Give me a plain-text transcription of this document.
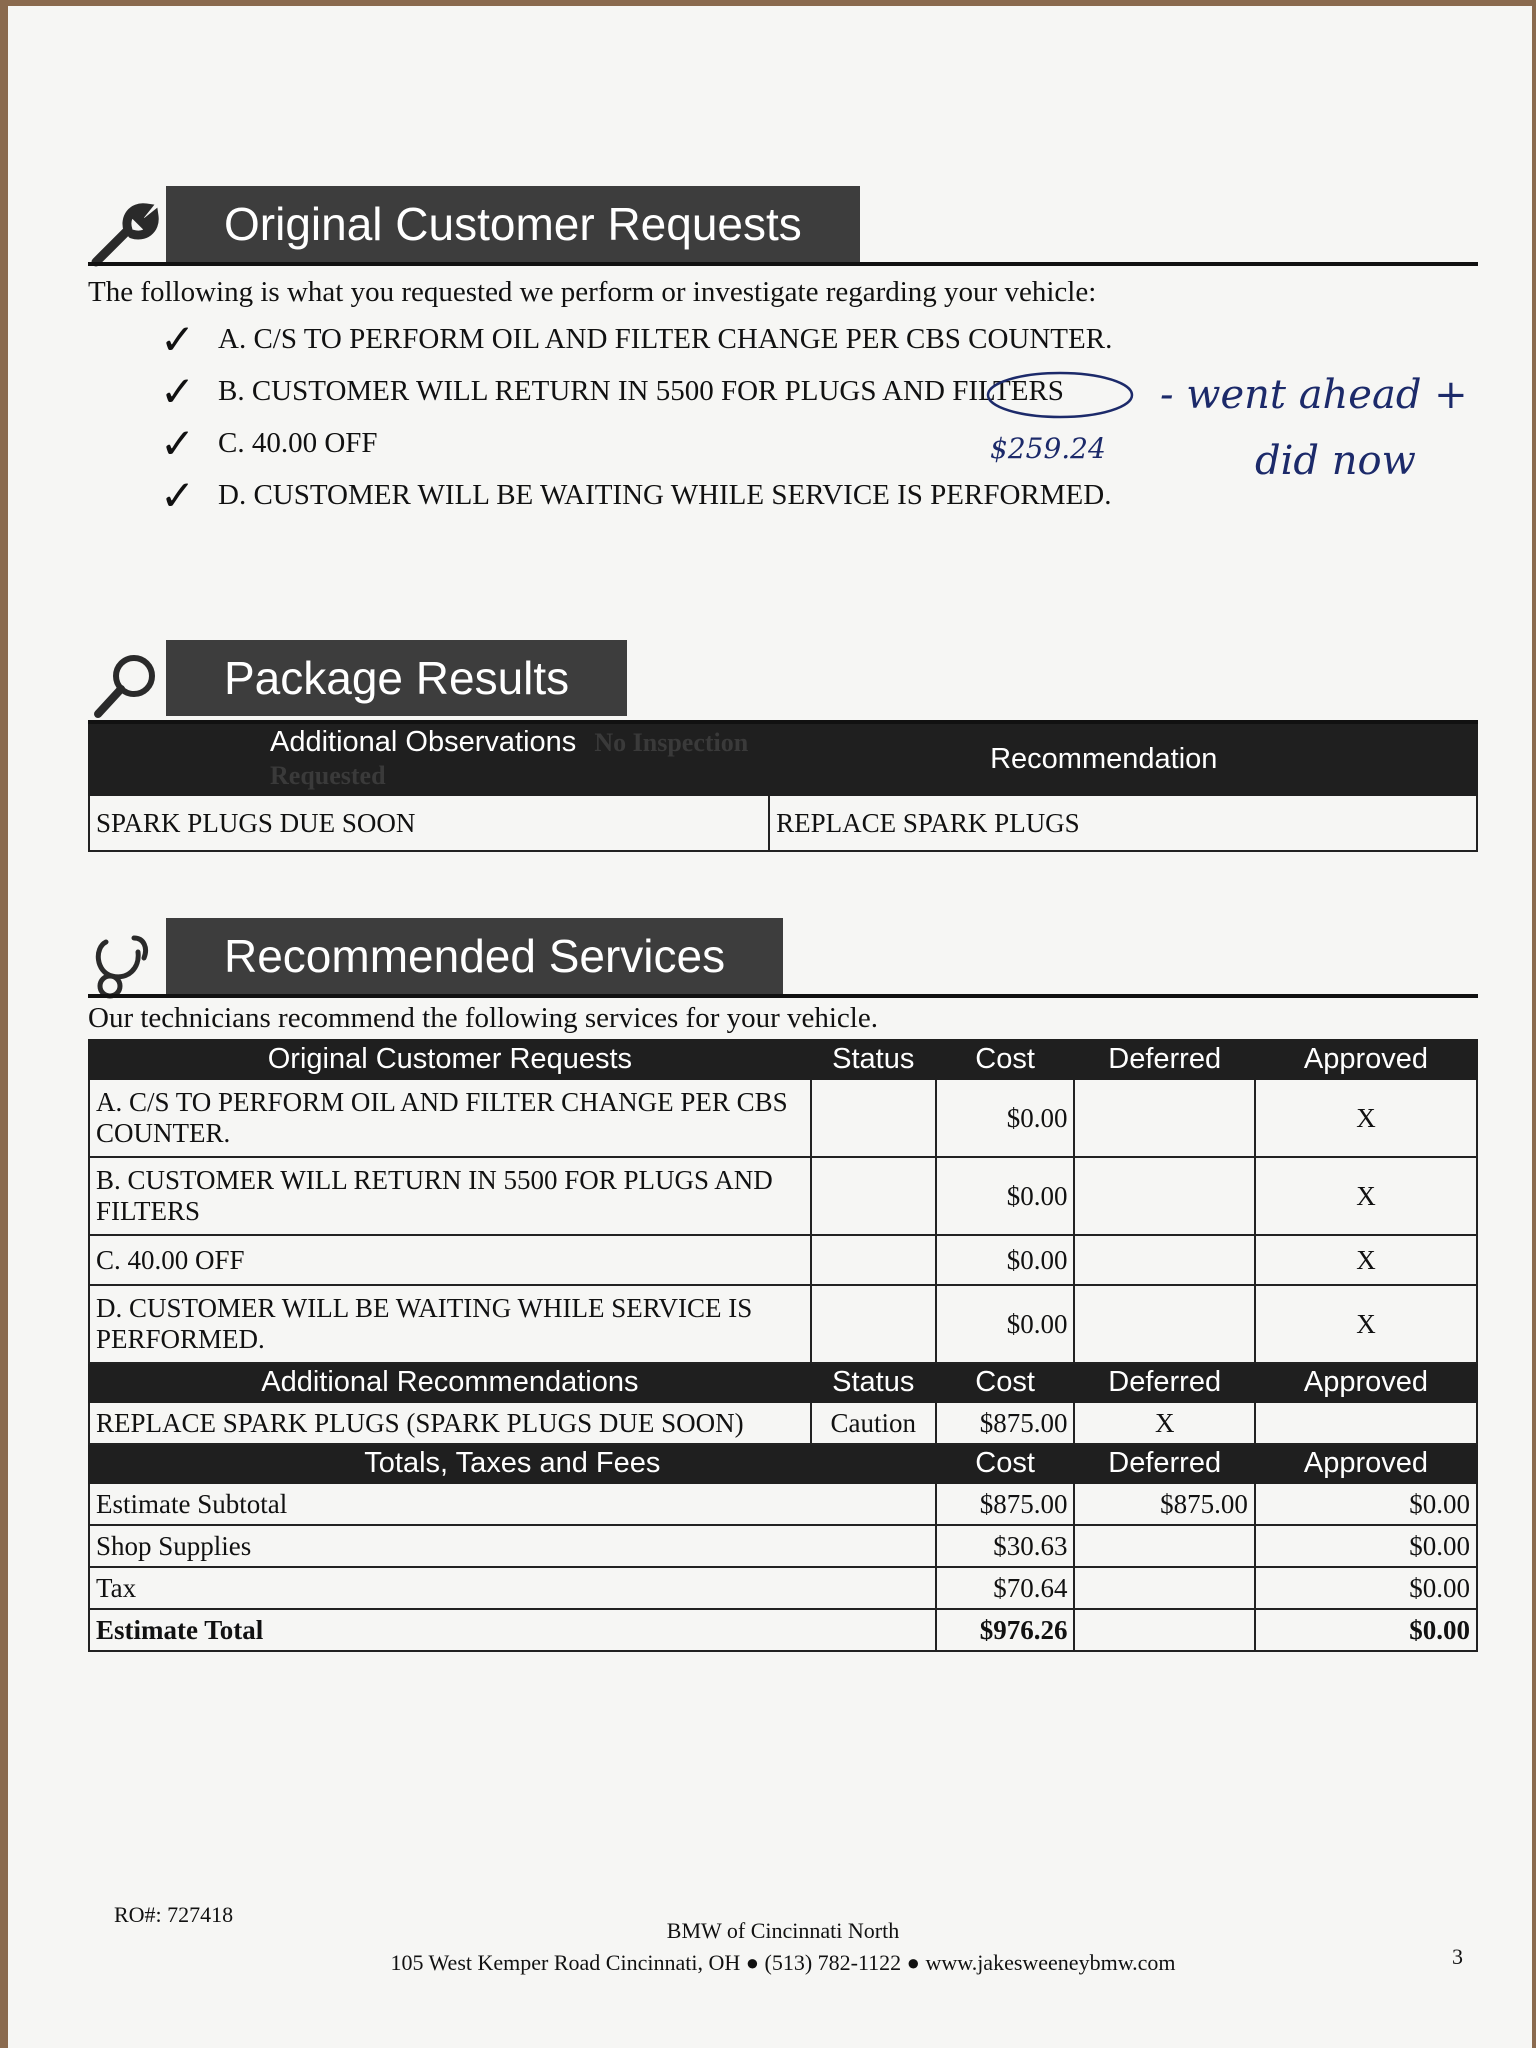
Original Customer Requests
The following is what you requested we perform or investigate regarding your vehicle:
✓ A. C/S TO PERFORM OIL AND FILTER CHANGE PER CBS COUNTER.
✓ B. CUSTOMER WILL RETURN IN 5500 FOR PLUGS AND FILTERS
✓ C. 40.00 OFF
✓ D. CUSTOMER WILL BE WAITING WHILE SERVICE IS PERFORMED.
- went ahead +
did now
$259.24
Package Results
Additional Observations No Inspection Requested	Recommendation
SPARK PLUGS DUE SOON	REPLACE SPARK PLUGS
Recommended Services
Our technicians recommend the following services for your vehicle.
Original Customer Requests	Status	Cost	Deferred	Approved
A. C/S TO PERFORM OIL AND FILTER CHANGE PER CBS COUNTER.		$0.00		X
B. CUSTOMER WILL RETURN IN 5500 FOR PLUGS AND FILTERS		$0.00		X
C. 40.00 OFF		$0.00		X
D. CUSTOMER WILL BE WAITING WHILE SERVICE IS PERFORMED.		$0.00		X
Additional Recommendations	Status	Cost	Deferred	Approved
REPLACE SPARK PLUGS (SPARK PLUGS DUE SOON)	Caution	$875.00	X	
Totals, Taxes and Fees		Cost	Deferred	Approved
Estimate Subtotal		$875.00	$875.00	$0.00
Shop Supplies		$30.63		$0.00
Tax		$70.64		$0.00
Estimate Total		$976.26		$0.00
RO#: 727418
BMW of Cincinnati North
105 West Kemper Road Cincinnati, OH ● (513) 782-1122 ● www.jakesweeneybmw.com	3
